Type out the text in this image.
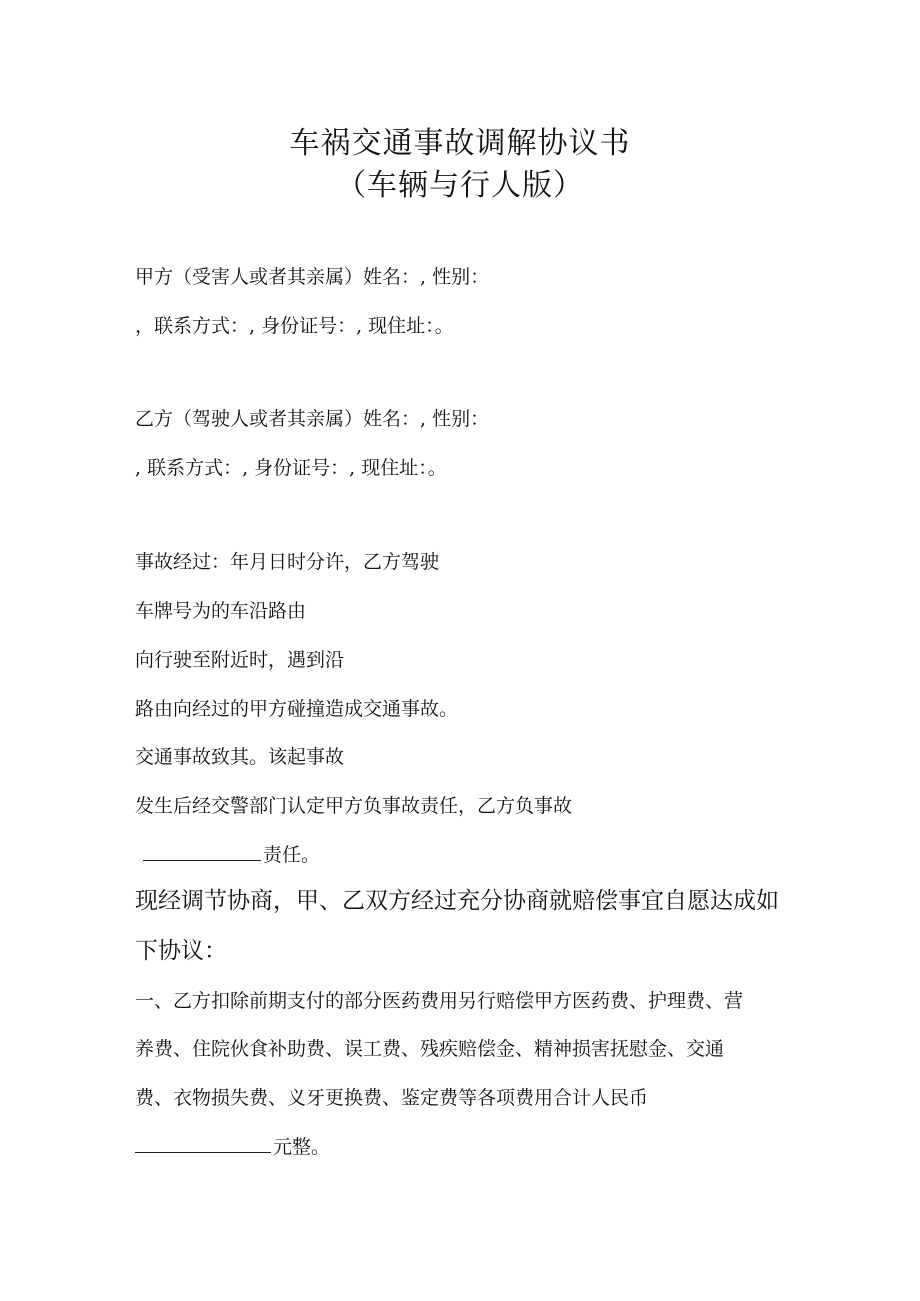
车祸交通事故调解协议书
（车辆与行人版）
甲方（受害人或者其亲属）姓名：, 性别：
，联系方式：, 身份证号：, 现住址：。
乙方（驾驶人或者其亲属）姓名：, 性别：
, 联系方式：, 身份证号：, 现住址：。
事故经过：年月日时分许，乙方驾驶
车牌号为的车沿路由
向行驶至附近时，遇到沿
路由向经过的甲方碰撞造成交通事故。
交通事故致其。该起事故
发生后经交警部门认定甲方负事故责任，乙方负事故
责任。
现经调节协商，甲、乙双方经过充分协商就赔偿事宜自愿达成如
下协议：
一、乙方扣除前期支付的部分医药费用另行赔偿甲方医药费、护理费、营
养费、住院伙食补助费、误工费、残疾赔偿金、精神损害抚慰金、交通
费、衣物损失费、义牙更换费、鉴定费等各项费用合计人民币
元整。
